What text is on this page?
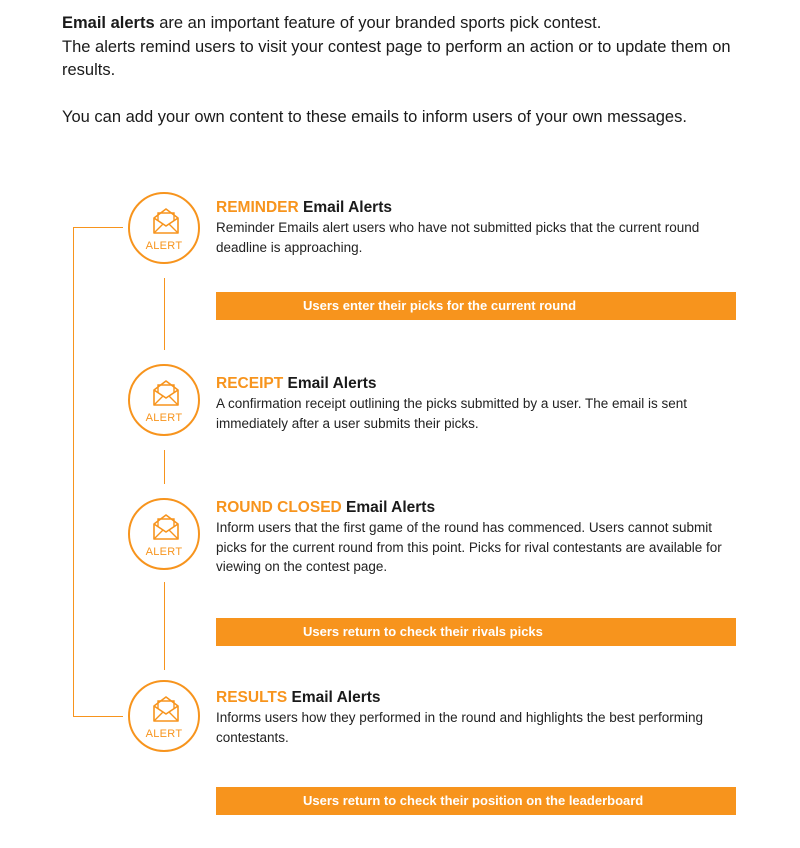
Email alerts are an important feature of your branded sports pick contest.
The alerts remind users to visit your contest page to perform an action or to update them on results.

You can add your own content to these emails to inform users of your own messages.

ALERT
REMINDER Email Alerts

Reminder Emails alert users who have not submitted picks that the current round deadline is approaching.

Users enter their picks for the current round
ALERT
RECEIPT Email Alerts

A confirmation receipt outlining the picks submitted by a user. The email is sent immediately after a user submits their picks.

ALERT
ROUND CLOSED Email Alerts

Inform users that the first game of the round has commenced. Users cannot submit picks for the current round from this point. Picks for rival contestants are available for viewing on the contest page.

Users return to check their rivals picks
ALERT
RESULTS Email Alerts

Informs users how they performed in the round and highlights the best performing contestants.

Users return to check their position on the leaderboard
